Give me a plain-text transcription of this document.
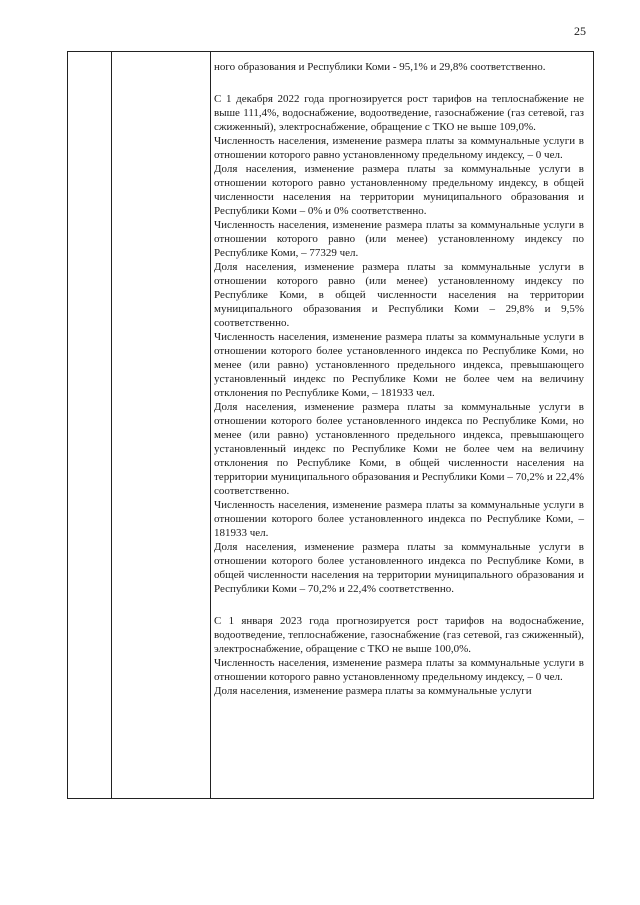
25

ного образования и Республики Коми - 95,1% и 29,8% соответственно.

С 1 декабря 2022 года прогнозируется рост тарифов на теплоснабжение не выше 111,4%, водоснабжение, водоотведение, газоснабжение (газ сетевой, газ сжиженный), электроснабжение, обращение с ТКО не выше 109,0%.

Численность населения, изменение размера платы за коммунальные услуги в отношении которого равно установленному предельному индексу, – 0 чел.

Доля населения, изменение размера платы за коммунальные услуги в отношении которого равно установленному предельному индексу, в общей численности населения на территории муниципального образования и Республики Коми – 0% и 0% соответственно.

Численность населения, изменение размера платы за коммунальные услуги в отношении которого равно (или менее) установленному индексу по Республике Коми, – 77329 чел.

Доля населения, изменение размера платы за коммунальные услуги в отношении которого равно (или менее) установленному индексу по Республике Коми, в общей численности населения на территории муниципального образования и Республики Коми – 29,8% и 9,5% соответственно.

Численность населения, изменение размера платы за коммунальные услуги в отношении которого более установленного индекса по Республике Коми, но менее (или равно) установленного предельного индекса, превышающего установленный индекс по Республике Коми не более чем на величину отклонения по Республике Коми, – 181933 чел.

Доля населения, изменение размера платы за коммунальные услуги в отношении которого более установленного индекса по Республике Коми, но менее (или равно) установленного предельного индекса, превышающего установленный индекс по Республике Коми не более чем на величину отклонения по Республике Коми, в общей численности населения на территории муниципального образования и Республики Коми – 70,2% и 22,4% соответственно.

Численность населения, изменение размера платы за коммунальные услуги в отношении которого более установленного индекса по Республике Коми, – 181933 чел.

Доля населения, изменение размера платы за коммунальные услуги в отношении которого более установленного индекса по Республике Коми, в общей численности населения на территории муниципального образования и Республики Коми – 70,2% и 22,4% соответственно.

С 1 января 2023 года прогнозируется рост тарифов на водоснабжение, водоотведение, теплоснабжение, газоснабжение (газ сетевой, газ сжиженный), электроснабжение, обращение с ТКО не выше 100,0%.

Численность населения, изменение размера платы за коммунальные услуги в отношении которого равно установленному предельному индексу, – 0 чел.

Доля населения, изменение размера платы за коммунальные услуги
